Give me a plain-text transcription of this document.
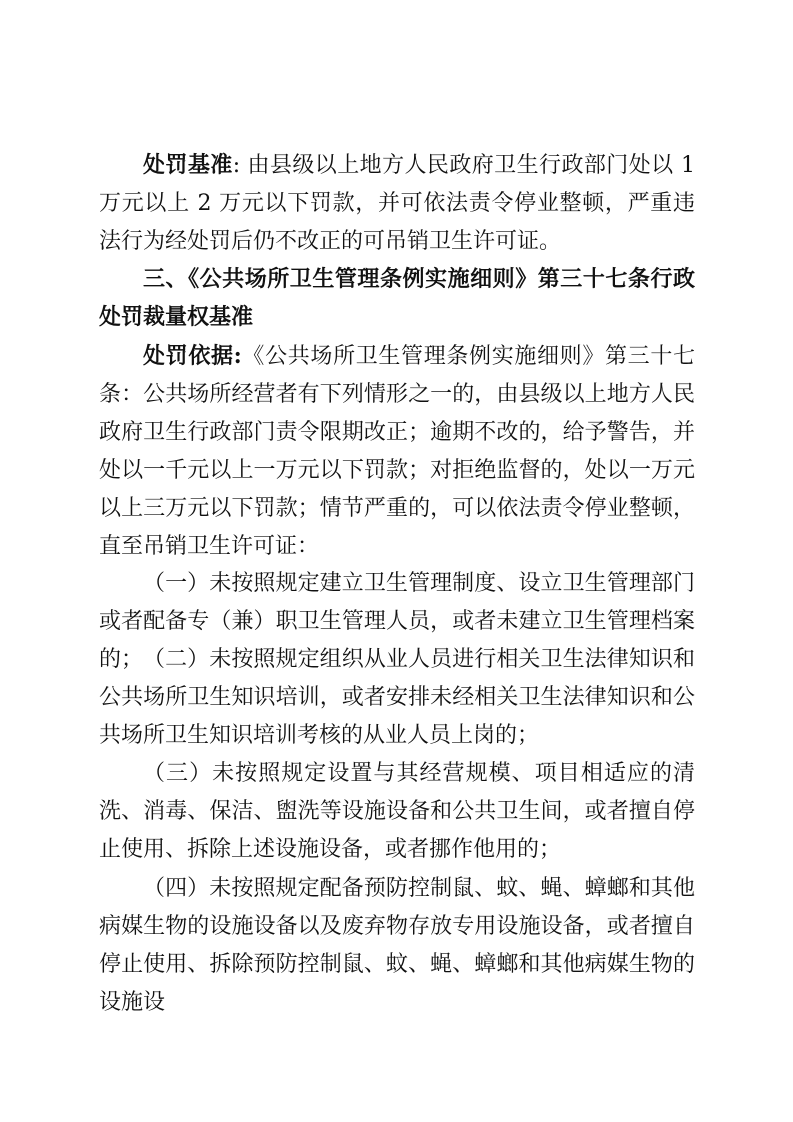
处罚基准: 由县级以上地方人民政府卫生行政部门处以 1 万元以上 2 万元以下罚款，并可依法责令停业整顿，严重违法行为经处罚后仍不改正的可吊销卫生许可证。

三、《公共场所卫生管理条例实施细则》第三十七条行政处罚裁量权基准

处罚依据:《公共场所卫生管理条例实施细则》第三十七条：公共场所经营者有下列情形之一的，由县级以上地方人民政府卫生行政部门责令限期改正；逾期不改的，给予警告，并处以一千元以上一万元以下罚款；对拒绝监督的，处以一万元以上三万元以下罚款；情节严重的，可以依法责令停业整顿，直至吊销卫生许可证：

（一）未按照规定建立卫生管理制度、设立卫生管理部门或者配备专（兼）职卫生管理人员，或者未建立卫生管理档案的； （二）未按照规定组织从业人员进行相关卫生法律知识和公共场所卫生知识培训，或者安排未经相关卫生法律知识和公共场所卫生知识培训考核的从业人员上岗的；

（三）未按照规定设置与其经营规模、项目相适应的清洗、消毒、保洁、盥洗等设施设备和公共卫生间，或者擅自停止使用、拆除上述设施设备，或者挪作他用的；

（四）未按照规定配备预防控制鼠、蚊、蝇、蟑螂和其他病媒生物的设施设备以及废弃物存放专用设施设备，或者擅自停止使用、拆除预防控制鼠、蚊、蝇、蟑螂和其他病媒生物的设施设
